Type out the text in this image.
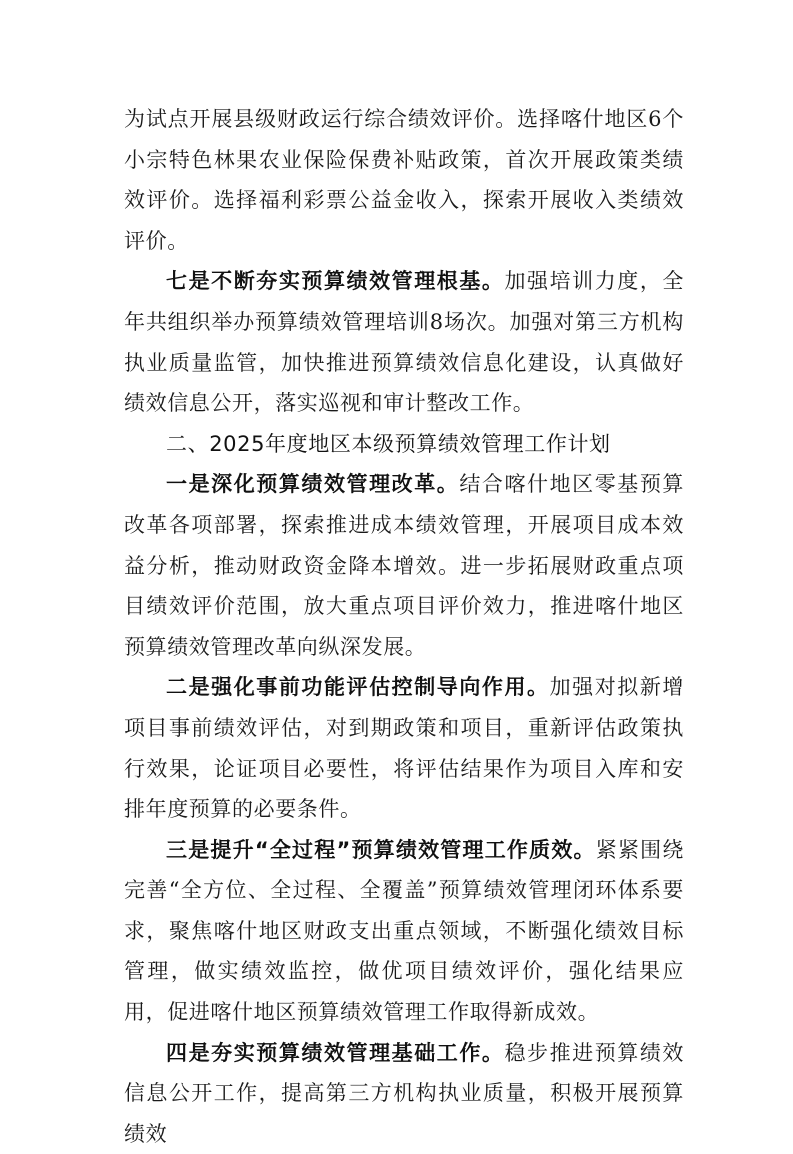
为试点开展县级财政运行综合绩效评价。选择喀什地区6个小宗特色林果农业保险保费补贴政策，首次开展政策类绩效评价。选择福利彩票公益金收入，探索开展收入类绩效评价。

七是不断夯实预算绩效管理根基。加强培训力度，全年共组织举办预算绩效管理培训8场次。加强对第三方机构执业质量监管，加快推进预算绩效信息化建设，认真做好绩效信息公开，落实巡视和审计整改工作。

二、2025年度地区本级预算绩效管理工作计划

一是深化预算绩效管理改革。结合喀什地区零基预算改革各项部署，探索推进成本绩效管理，开展项目成本效益分析，推动财政资金降本增效。进一步拓展财政重点项目绩效评价范围，放大重点项目评价效力，推进喀什地区预算绩效管理改革向纵深发展。

二是强化事前功能评估控制导向作用。加强对拟新增项目事前绩效评估，对到期政策和项目，重新评估政策执行效果，论证项目必要性，将评估结果作为项目入库和安排年度预算的必要条件。

三是提升“全过程”预算绩效管理工作质效。紧紧围绕完善“全方位、全过程、全覆盖”预算绩效管理闭环体系要求，聚焦喀什地区财政支出重点领域，不断强化绩效目标管理，做实绩效监控，做优项目绩效评价，强化结果应用，促进喀什地区预算绩效管理工作取得新成效。

四是夯实预算绩效管理基础工作。稳步推进预算绩效信息公开工作，提高第三方机构执业质量，积极开展预算绩效
